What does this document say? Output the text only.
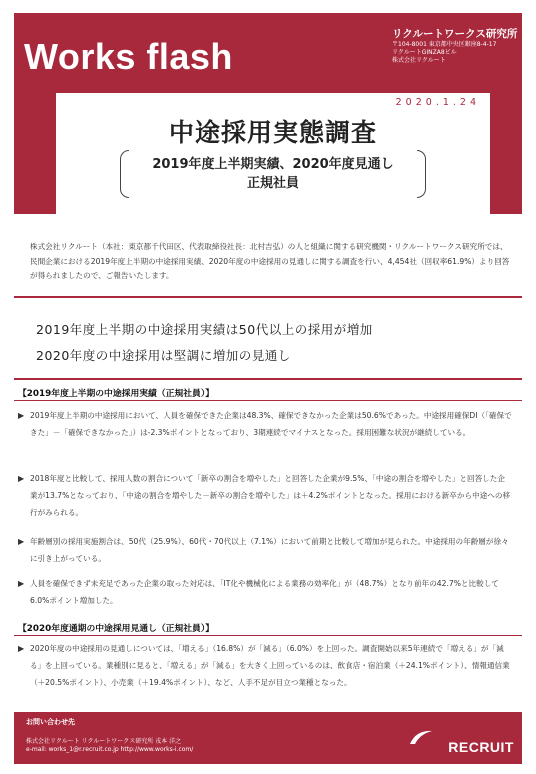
Works flash
リクルートワークス研究所
〒104-8001 東京都中央区銀座8-4-17
リクルートGINZA8ビル
株式会社リクルート
2020.1.24
中途採用実態調査
2019年度上半期実績、2020年度見通し
正規社員
株式会社リクルート（本社：東京都千代田区、代表取締役社長：北村吉弘）の人と組織に関する研究機関・リクルートワークス研究所では、民間企業における2019年度上半期の中途採用実績、2020年度の中途採用の見通しに関する調査を行い、4,454社（回収率61.9%）より回答が得られましたので、ご報告いたします。
2019年度上半期の中途採用実績は50代以上の採用が増加
2020年度の中途採用は堅調に増加の見通し
【2019年度上半期の中途採用実績（正規社員）】
▶ 2019年度上半期の中途採用において、人員を確保できた企業は48.3%、確保できなかった企業は50.6%であった。中途採用確保DI（「確保できた」－「確保できなかった」）は-2.3%ポイントとなっており、3期連続でマイナスとなった。採用困難な状況が継続している。
▶ 2018年度と比較して、採用人数の割合について「新卒の割合を増やした」と回答した企業が9.5%、「中途の割合を増やした」と回答した企業が13.7%となっており、「中途の割合を増やした－新卒の割合を増やした」は＋4.2%ポイントとなった。採用における新卒から中途への移行がみられる。
▶ 年齢層別の採用実施割合は、50代（25.9%）、60代・70代以上（7.1%）において前期と比較して増加が見られた。中途採用の年齢層が徐々に引き上がっている。
▶ 人員を確保できず未充足であった企業の取った対応は、「IT化や機械化による業務の効率化」が（48.7%）となり前年の42.7%と比較して6.0%ポイント増加した。
【2020年度通期の中途採用見通し（正規社員）】
▶ 2020年度の中途採用の見通しについては、「増える」（16.8%）が「減る」（6.0%）を上回った。調査開始以来5年連続で「増える」が「減る」を上回っている。業種別に見ると、「増える」が「減る」を大きく上回っているのは、飲食店・宿泊業（＋24.1%ポイント）、情報通信業（＋20.5%ポイント）、小売業（＋19.4%ポイント）、など、人手不足が目立つ業種となった。
お問い合わせ先
株式会社リクルート リクルートワークス研究所 戎本 洋之
e-mail: works_1@r.recruit.co.jp http://www.works-i.com/	RECRUIT
